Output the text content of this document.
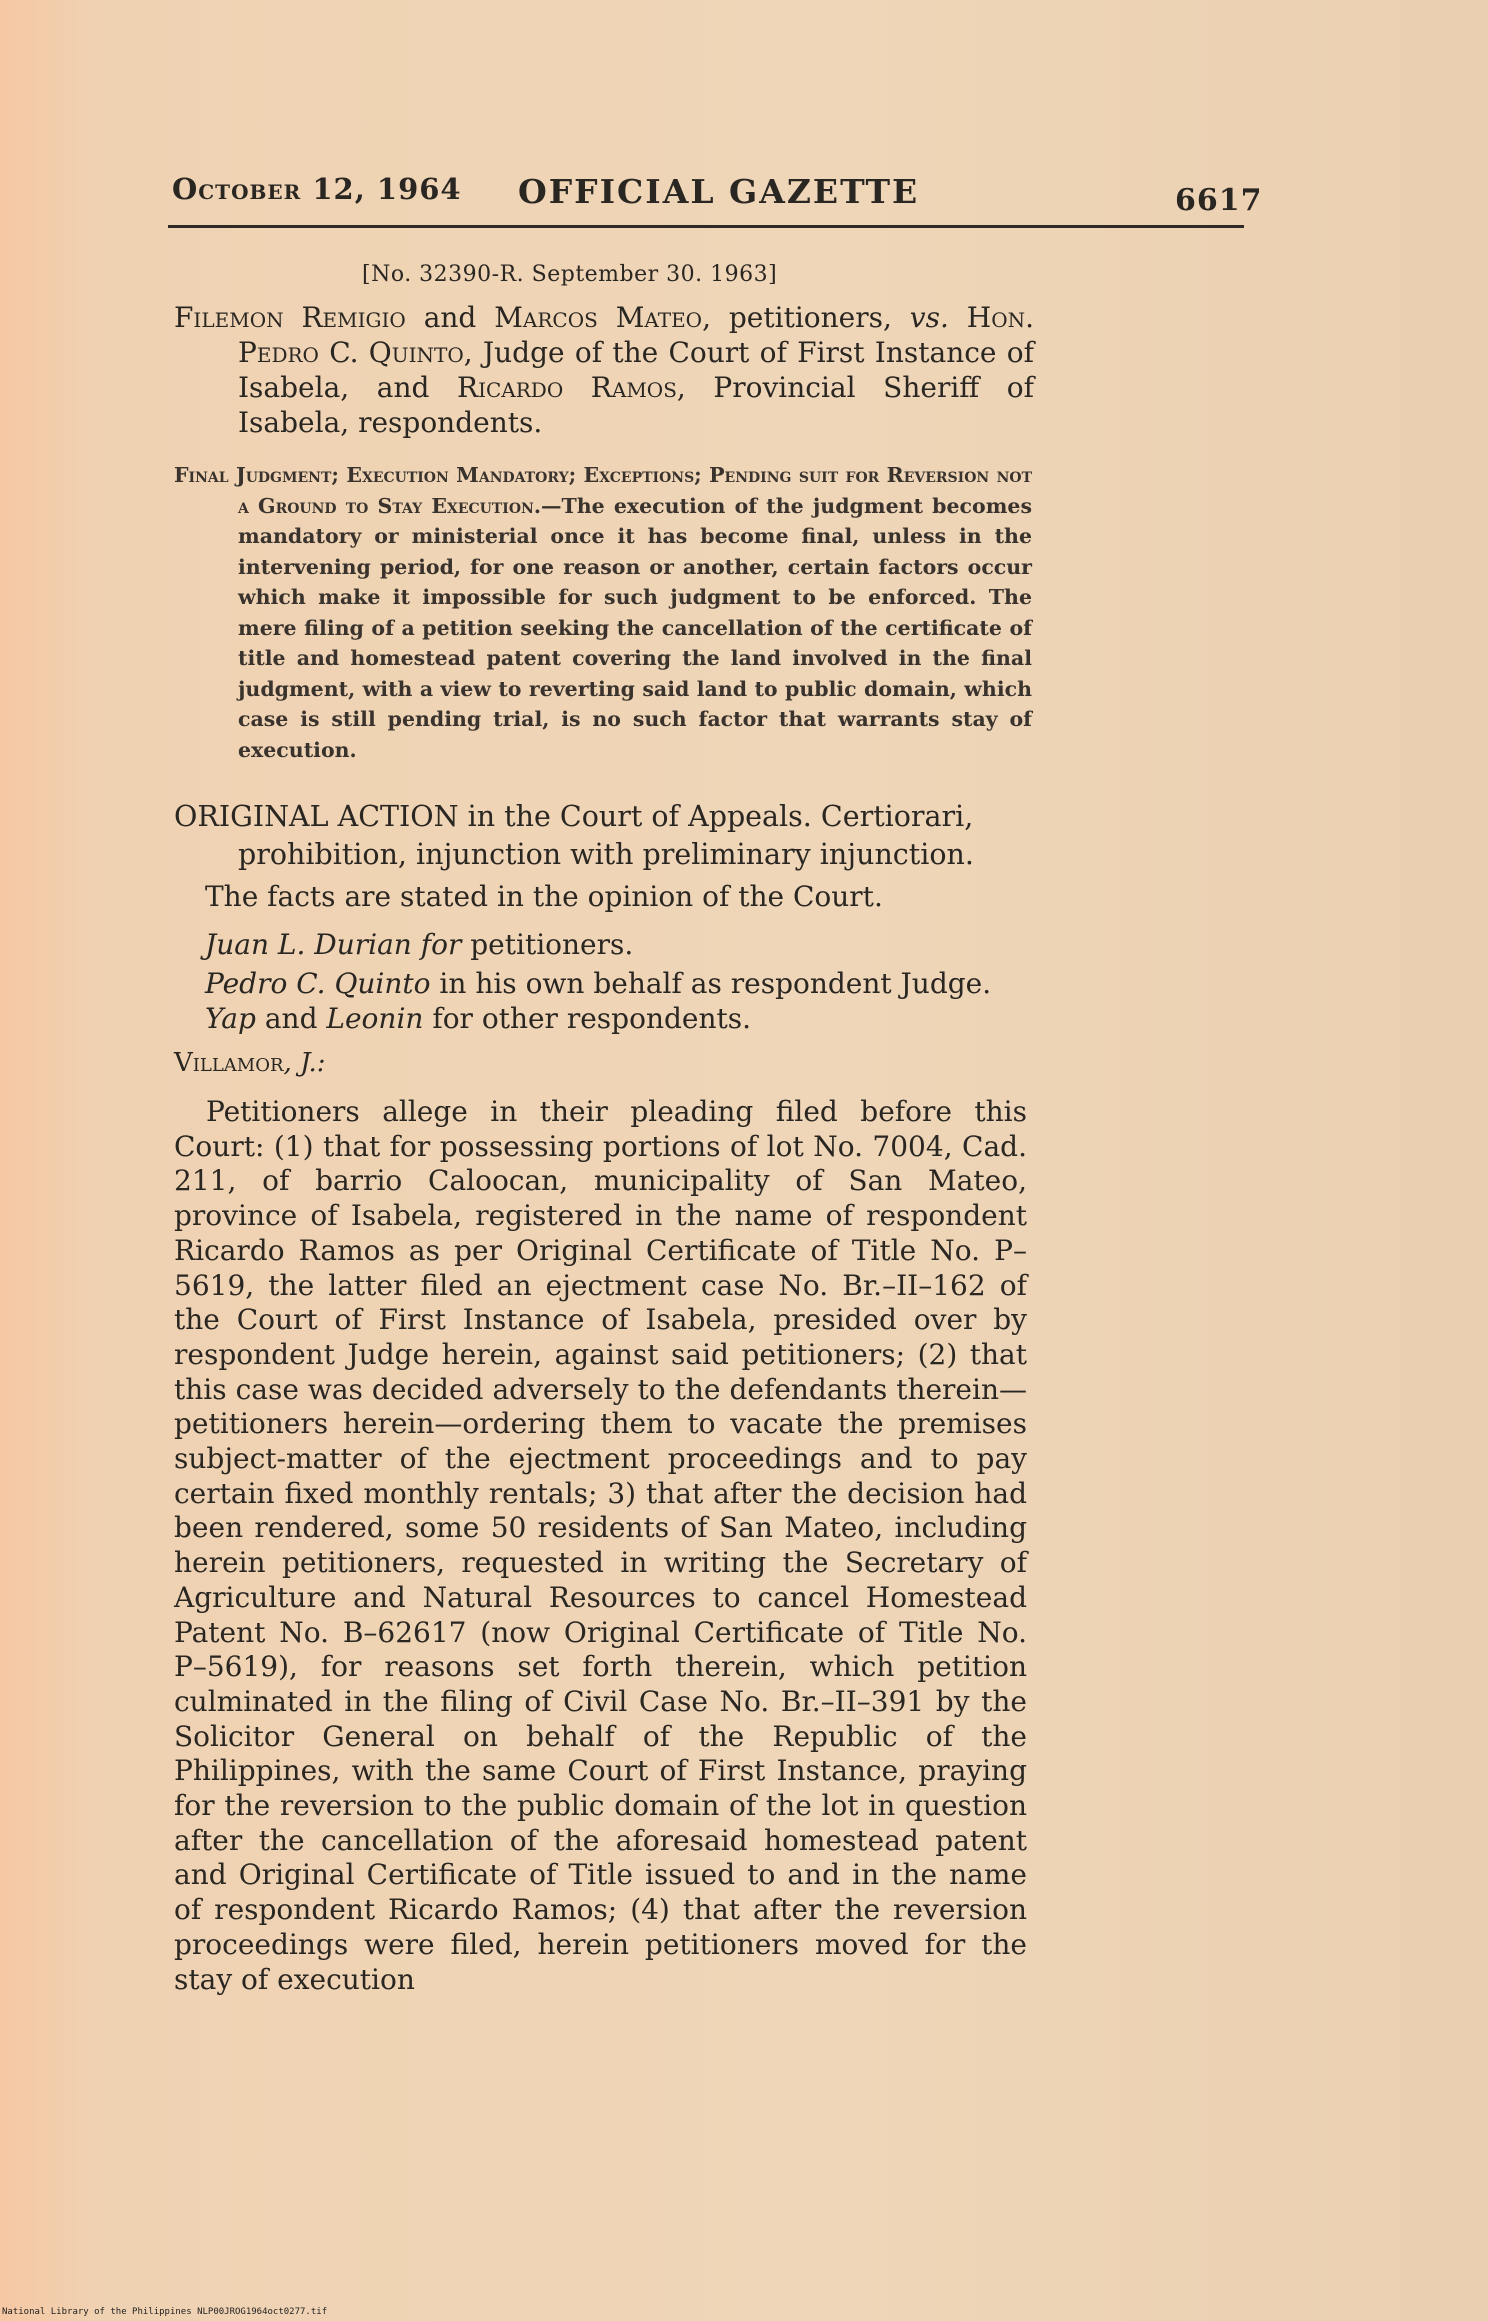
October 12, 1964 OFFICIAL GAZETTE	6617
[No. 32390-R. September 30. 1963]

Filemon Remigio and Marcos Mateo, petitioners, vs. Hon. Pedro C. Quinto, Judge of the Court of First Instance of Isabela, and Ricardo Ramos, Provincial Sheriff of Isabela, respondents.

Final Judgment; Execution Mandatory; Exceptions; Pending suit for Reversion not a Ground to Stay Execution.—The execution of the judgment becomes mandatory or ministerial once it has become final, unless in the intervening period, for one reason or another, certain factors occur which make it impossible for such judgment to be enforced. The mere filing of a petition seeking the cancellation of the certificate of title and homestead patent covering the land involved in the final judgment, with a view to reverting said land to public domain, which case is still pending trial, is no such factor that warrants stay of execution.

ORIGINAL ACTION in the Court of Appeals. Certiorari, prohibition, injunction with preliminary injunction.

The facts are stated in the opinion of the Court.
Juan L. Durian for petitioners.
Pedro C. Quinto in his own behalf as respondent Judge.
Yap and Leonin for other respondents.
Villamor, J.:

Petitioners allege in their pleading filed before this Court: (1) that for possessing portions of lot No. 7004, Cad. 211, of barrio Caloocan, municipality of San Mateo, province of Isabela, registered in the name of respondent Ricardo Ramos as per Original Certificate of Title No. P–5619, the latter filed an ejectment case No. Br.–II–162 of the Court of First Instance of Isabela, presided over by respondent Judge herein, against said petitioners; (2) that this case was decided adversely to the defendants therein—petitioners herein—ordering them to vacate the premises subject-matter of the ejectment proceedings and to pay certain fixed monthly rentals; 3) that after the decision had been rendered, some 50 residents of San Mateo, including herein petitioners, requested in writing the Secretary of Agriculture and Natural Resources to cancel Homestead Patent No. B–62617 (now Original Certificate of Title No. P–5619), for reasons set forth therein, which petition culminated in the filing of Civil Case No. Br.–II–391 by the Solicitor General on behalf of the Republic of the Philippines, with the same Court of First Instance, praying for the reversion to the public domain of the lot in question after the cancellation of the aforesaid homestead patent and Original Certificate of Title issued to and in the name of respondent Ricardo Ramos; (4) that after the reversion proceedings were filed, herein petitioners moved for the stay of execution

National Library of the Philippines NLP00JROG1964oct0277.tif
